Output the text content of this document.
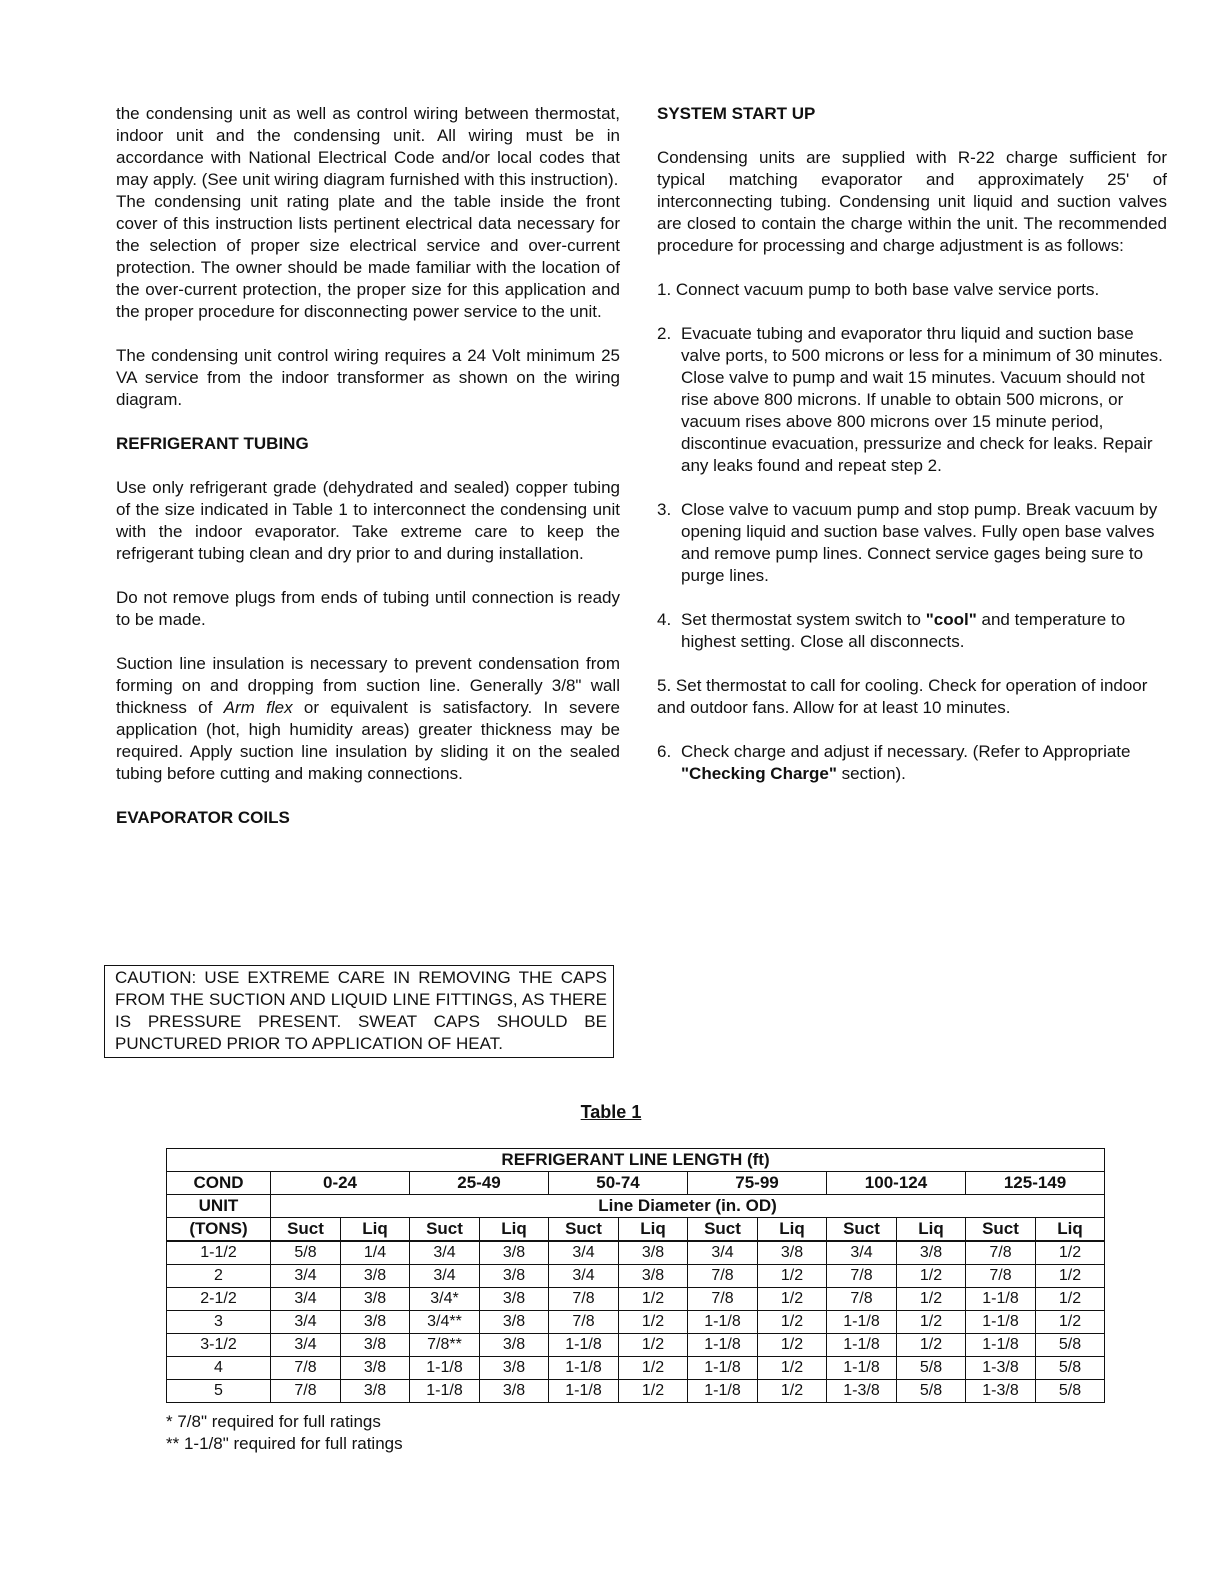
the condensing unit as well as control wiring between thermostat, indoor unit and the condensing unit. All wiring must be in accordance with National Electrical Code and/or local codes that may apply. (See unit wiring diagram furnished with this instruction).

The condensing unit rating plate and the table inside the front cover of this instruction lists pertinent electrical data necessary for the selection of proper size electrical service and over-current protection. The owner should be made familiar with the location of the over-current protection, the proper size for this application and the proper procedure for disconnecting power service to the unit.

The condensing unit control wiring requires a 24 Volt minimum 25 VA service from the indoor transformer as shown on the wiring diagram.

REFRIGERANT TUBING

Use only refrigerant grade (dehydrated and sealed) copper tubing of the size indicated in Table 1 to interconnect the condensing unit with the indoor evaporator. Take extreme care to keep the refrigerant tubing clean and dry prior to and during installation.

Do not remove plugs from ends of tubing until connection is ready to be made.

Suction line insulation is necessary to prevent condensation from forming on and dropping from suction line. Generally 3/8" wall thickness of Arm flex or equivalent is satisfactory. In severe application (hot, high humidity areas) greater thickness may be required. Apply suction line insulation by sliding it on the sealed tubing before cutting and making connections.

EVAPORATOR COILS

CAUTION: USE EXTREME CARE IN REMOVING THE CAPS FROM THE SUCTION AND LIQUID LINE FITTINGS, AS THERE IS PRESSURE PRESENT. SWEAT CAPS SHOULD BE PUNCTURED PRIOR TO APPLICATION OF HEAT.

SYSTEM START UP

Condensing units are supplied with R-22 charge sufficient for typical matching evaporator and approximately 25' of interconnecting tubing. Condensing unit liquid and suction valves are closed to contain the charge within the unit. The recommended procedure for processing and charge adjustment is as follows:

1. Connect vacuum pump to both base valve service ports.

2. Evacuate tubing and evaporator thru liquid and suction base valve ports, to 500 microns or less for a minimum of 30 minutes. Close valve to pump and wait 15 minutes. Vacuum should not rise above 800 microns. If unable to obtain 500 microns, or vacuum rises above 800 microns over 15 minute period, discontinue evacuation, pressurize and check for leaks. Repair any leaks found and repeat step 2.
3. Close valve to vacuum pump and stop pump. Break vacuum by opening liquid and suction base valves. Fully open base valves and remove pump lines. Connect service gages being sure to purge lines.
4. Set thermostat system switch to "cool" and temperature to highest setting. Close all disconnects.

5. Set thermostat to call for cooling. Check for operation of indoor and outdoor fans. Allow for at least 10 minutes.

6. Check charge and adjust if necessary. (Refer to Appropriate "Checking Charge" section).

Table 1

REFRIGERANT LINE LENGTH (ft)												
COND	0-24		25-49		50-74		75-99		100-124		125-149	
UNIT	Line Diameter (in. OD)											
(TONS)	Suct	Liq	Suct	Liq	Suct	Liq	Suct	Liq	Suct	Liq	Suct	Liq
1-1/2	5/8	1/4	3/4	3/8	3/4	3/8	3/4	3/8	3/4	3/8	7/8	1/2
2	3/4	3/8	3/4	3/8	3/4	3/8	7/8	1/2	7/8	1/2	7/8	1/2
2-1/2	3/4	3/8	3/4*	3/8	7/8	1/2	7/8	1/2	7/8	1/2	1-1/8	1/2
3	3/4	3/8	3/4**	3/8	7/8	1/2	1-1/8	1/2	1-1/8	1/2	1-1/8	1/2
3-1/2	3/4	3/8	7/8**	3/8	1-1/8	1/2	1-1/8	1/2	1-1/8	1/2	1-1/8	5/8
4	7/8	3/8	1-1/8	3/8	1-1/8	1/2	1-1/8	1/2	1-1/8	5/8	1-3/8	5/8
5	7/8	3/8	1-1/8	3/8	1-1/8	1/2	1-1/8	1/2	1-3/8	5/8	1-3/8	5/8

* 7/8" required for full ratings

** 1-1/8" required for full ratings
